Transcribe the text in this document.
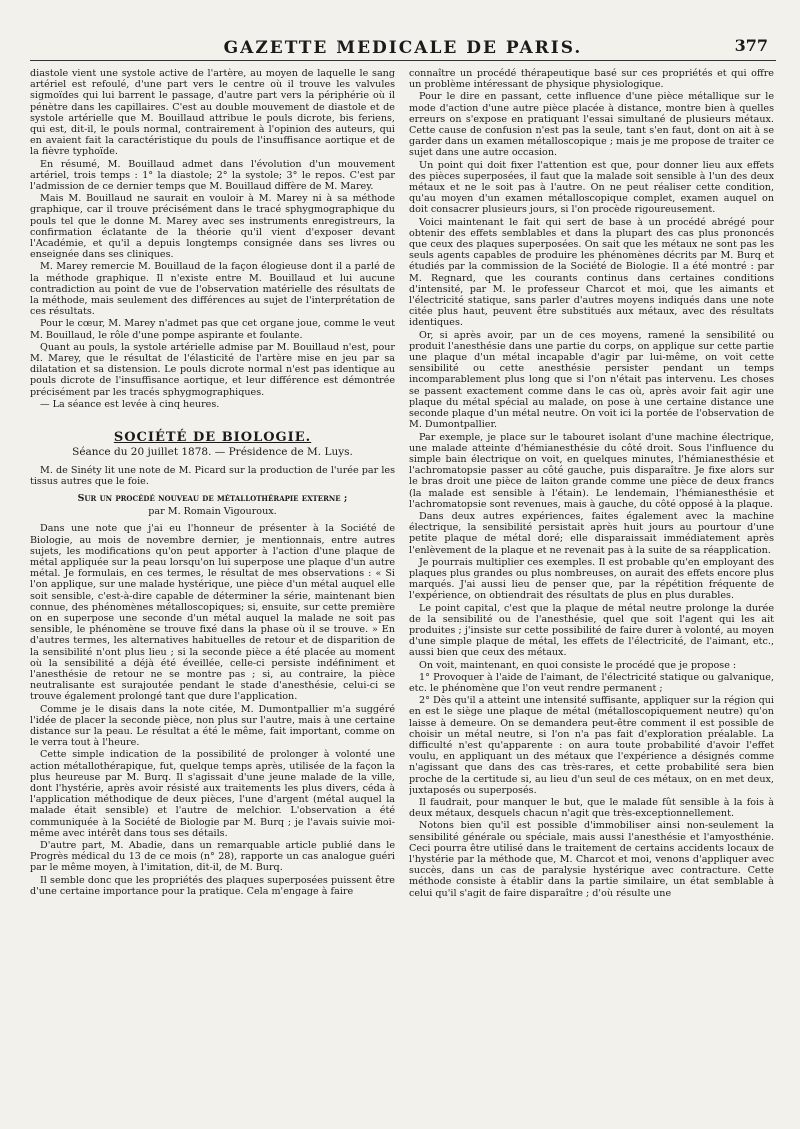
GAZETTE MEDICALE DE PARIS.	377

diastole vient une systole active de l'artère, au moyen de laquelle le sang artériel est refoulé, d'une part vers le centre où il trouve les valvules sigmoïdes qui lui barrent le passage, d'autre part vers la périphérie où il pénètre dans les capillaires. C'est au double mouvement de diastole et de systole artérielle que M. Bouillaud attribue le pouls dicrote, bis feriens, qui est, dit-il, le pouls normal, contrairement à l'opinion des auteurs, qui en avaient fait la caractéristique du pouls de l'insuffisance aortique et de la fièvre typhoïde.

En résumé, M. Bouillaud admet dans l'évolution d'un mouvement artériel, trois temps : 1° la diastole; 2° la systole; 3° le repos. C'est par l'admission de ce dernier temps que M. Bouillaud diffère de M. Marey.

Mais M. Bouillaud ne saurait en vouloir à M. Marey ni à sa méthode graphique, car il trouve précisément dans le tracé sphygmographique du pouls tel que le donne M. Marey avec ses instruments enregistreurs, la confirmation éclatante de la théorie qu'il vient d'exposer devant l'Académie, et qu'il a depuis longtemps consignée dans ses livres ou enseignée dans ses cliniques.

M. Marey remercie M. Bouillaud de la façon élogieuse dont il a parlé de la méthode graphique. Il n'existe entre M. Bouillaud et lui aucune contradiction au point de vue de l'observation matérielle des résultats de la méthode, mais seulement des différences au sujet de l'interprétation de ces résultats.

Pour le cœur, M. Marey n'admet pas que cet organe joue, comme le veut M. Bouillaud, le rôle d'une pompe aspirante et foulante.

Quant au pouls, la systole artérielle admise par M. Bouillaud n'est, pour M. Marey, que le résultat de l'élasticité de l'artère mise en jeu par sa dilatation et sa distension. Le pouls dicrote normal n'est pas identique au pouls dicrote de l'insuffisance aortique, et leur différence est démontrée précisément par les tracés sphygmographiques.

— La séance est levée à cinq heures.

SOCIÉTÉ DE BIOLOGIE.
Séance du 20 juillet 1878. — Présidence de M. Luys.

M. de Sinéty lit une note de M. Picard sur la production de l'urée par les tissus autres que le foie.

Sur un procédé nouveau de métallothérapie externe ;
par M. Romain Vigouroux.

Dans une note que j'ai eu l'honneur de présenter à la Société de Biologie, au mois de novembre dernier, je mentionnais, entre autres sujets, les modifications qu'on peut apporter à l'action d'une plaque de métal appliquée sur la peau lorsqu'on lui superpose une plaque d'un autre métal. Je formulais, en ces termes, le résultat de mes observations : « Si l'on applique, sur une malade hystérique, une pièce d'un métal auquel elle soit sensible, c'est-à-dire capable de déterminer la série, maintenant bien connue, des phénomènes métalloscopiques; si, ensuite, sur cette première on en superpose une seconde d'un métal auquel la malade ne soit pas sensible, le phénomène se trouve fixé dans la phase où il se trouve. » En d'autres termes, les alternatives habituelles de retour et de disparition de la sensibilité n'ont plus lieu ; si la seconde pièce a été placée au moment où la sensibilité a déjà été éveillée, celle-ci persiste indéfiniment et l'anesthésie de retour ne se montre pas ; si, au contraire, la pièce neutralisante est surajoutée pendant le stade d'anesthésie, celui-ci se trouve également prolongé tant que dure l'application.

Comme je le disais dans la note citée, M. Dumontpallier m'a suggéré l'idée de placer la seconde pièce, non plus sur l'autre, mais à une certaine distance sur la peau. Le résultat a été le même, fait important, comme on le verra tout à l'heure.

Cette simple indication de la possibilité de prolonger à volonté une action métallothérapique, fut, quelque temps après, utilisée de la façon la plus heureuse par M. Burq. Il s'agissait d'une jeune malade de la ville, dont l'hystérie, après avoir résisté aux traitements les plus divers, céda à l'application méthodique de deux pièces, l'une d'argent (métal auquel la malade était sensible) et l'autre de melchior. L'observation a été communiquée à la Société de Biologie par M. Burq ; je l'avais suivie moi-même avec intérêt dans tous ses détails.

D'autre part, M. Abadie, dans un remarquable article publié dans le Progrès médical du 13 de ce mois (n° 28), rapporte un cas analogue guéri par le même moyen, à l'imitation, dit-il, de M. Burq.

Il semble donc que les propriétés des plaques superposées puissent être d'une certaine importance pour la pratique. Cela m'engage à faire

connaître un procédé thérapeutique basé sur ces propriétés et qui offre un problème intéressant de physique physiologique.

Pour le dire en passant, cette influence d'une pièce métallique sur le mode d'action d'une autre pièce placée à distance, montre bien à quelles erreurs on s'expose en pratiquant l'essai simultané de plusieurs métaux. Cette cause de confusion n'est pas la seule, tant s'en faut, dont on ait à se garder dans un examen métalloscopique ; mais je me propose de traiter ce sujet dans une autre occasion.

Un point qui doit fixer l'attention est que, pour donner lieu aux effets des pièces superposées, il faut que la malade soit sensible à l'un des deux métaux et ne le soit pas à l'autre. On ne peut réaliser cette condition, qu'au moyen d'un examen métalloscopique complet, examen auquel on doit consacrer plusieurs jours, si l'on procède rigoureusement.

Voici maintenant le fait qui sert de base à un procédé abrégé pour obtenir des effets semblables et dans la plupart des cas plus prononcés que ceux des plaques superposées. On sait que les métaux ne sont pas les seuls agents capables de produire les phénomènes décrits par M. Burq et étudiés par la commission de la Société de Biologie. Il a été montré : par M. Regnard, que les courants continus dans certaines conditions d'intensité, par M. le professeur Charcot et moi, que les aimants et l'électricité statique, sans parler d'autres moyens indiqués dans une note citée plus haut, peuvent être substitués aux métaux, avec des résultats identiques.

Or, si après avoir, par un de ces moyens, ramené la sensibilité ou produit l'anesthésie dans une partie du corps, on applique sur cette partie une plaque d'un métal incapable d'agir par lui-même, on voit cette sensibilité ou cette anesthésie persister pendant un temps incomparablement plus long que si l'on n'était pas intervenu. Les choses se passent exactement comme dans le cas où, après avoir fait agir une plaque du métal spécial au malade, on pose à une certaine distance une seconde plaque d'un métal neutre. On voit ici la portée de l'observation de M. Dumontpallier.

Par exemple, je place sur le tabouret isolant d'une machine électrique, une malade atteinte d'hémianesthésie du côté droit. Sous l'influence du simple bain électrique on voit, en quelques minutes, l'hémianesthésie et l'achromatopsie passer au côté gauche, puis disparaître. Je fixe alors sur le bras droit une pièce de laiton grande comme une pièce de deux francs (la malade est sensible à l'étain). Le lendemain, l'hémianesthésie et l'achromatopsie sont revenues, mais à gauche, du côté opposé à la plaque.

Dans deux autres expériences, faites également avec la machine électrique, la sensibilité persistait après huit jours au pourtour d'une petite plaque de métal doré; elle disparaissait immédiatement après l'enlèvement de la plaque et ne revenait pas à la suite de sa réapplication.

Je pourrais multiplier ces exemples. Il est probable qu'en employant des plaques plus grandes ou plus nombreuses, on aurait des effets encore plus marqués. J'ai aussi lieu de penser que, par la répétition fréquente de l'expérience, on obtiendrait des résultats de plus en plus durables.

Le point capital, c'est que la plaque de métal neutre prolonge la durée de la sensibilité ou de l'anesthésie, quel que soit l'agent qui les ait produites ; j'insiste sur cette possibilité de faire durer à volonté, au moyen d'une simple plaque de métal, les effets de l'électricité, de l'aimant, etc., aussi bien que ceux des métaux.

On voit, maintenant, en quoi consiste le procédé que je propose :

1° Provoquer à l'aide de l'aimant, de l'électricité statique ou galvanique, etc. le phénomène que l'on veut rendre permanent ;

2° Dès qu'il a atteint une intensité suffisante, appliquer sur la région qui en est le siège une plaque de métal (métalloscopiquement neutre) qu'on laisse à demeure. On se demandera peut-être comment il est possible de choisir un métal neutre, si l'on n'a pas fait d'exploration préalable. La difficulté n'est qu'apparente : on aura toute probabilité d'avoir l'effet voulu, en appliquant un des métaux que l'expérience a désignés comme n'agissant que dans des cas très-rares, et cette probabilité sera bien proche de la certitude si, au lieu d'un seul de ces métaux, on en met deux, juxtaposés ou superposés.

Il faudrait, pour manquer le but, que le malade fût sensible à la fois à deux métaux, desquels chacun n'agit que très-exceptionnellement.

Notons bien qu'il est possible d'immobiliser ainsi non-seulement la sensibilité générale ou spéciale, mais aussi l'anesthésie et l'amyosthénie. Ceci pourra être utilisé dans le traitement de certains accidents locaux de l'hystérie par la méthode que, M. Charcot et moi, venons d'appliquer avec succès, dans un cas de paralysie hystérique avec contracture. Cette méthode consiste à établir dans la partie similaire, un état semblable à celui qu'il s'agit de faire disparaître ; d'où résulte une
